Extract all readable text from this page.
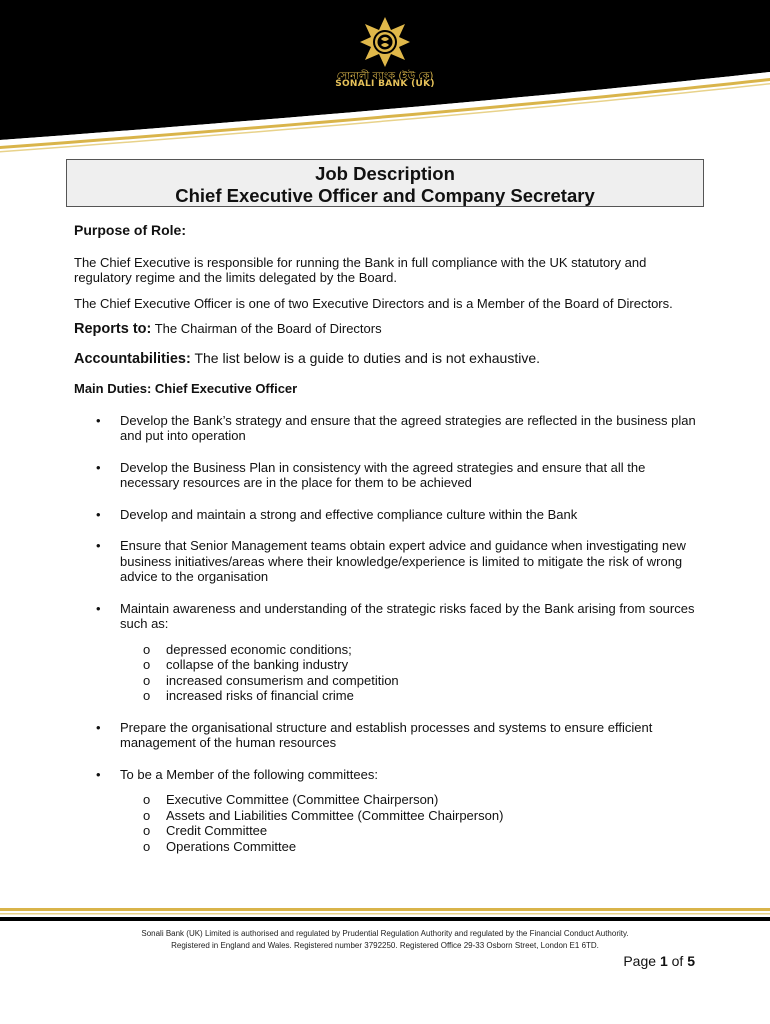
সোনালী ব্যাংক (ইউ কে)
SONALI BANK (UK)
Job Description
Chief Executive Officer and Company Secretary
Purpose of Role:

The Chief Executive is responsible for running the Bank in full compliance with the UK statutory and regulatory regime and the limits delegated by the Board.

The Chief Executive Officer is one of two Executive Directors and is a Member of the Board of Directors.

Reports to: The Chairman of the Board of Directors
Accountabilities: The list below is a guide to duties and is not exhaustive.
Main Duties: Chief Executive Officer
• Develop the Bank’s strategy and ensure that the agreed strategies are reflected in the business plan and put into operation
• Develop the Business Plan in consistency with the agreed strategies and ensure that all the necessary resources are in the place for them to be achieved
• Develop and maintain a strong and effective compliance culture within the Bank
• Ensure that Senior Management teams obtain expert advice and guidance when investigating new business initiatives/areas where their knowledge/experience is limited to mitigate the risk of wrong advice to the organisation
• Maintain awareness and understanding of the strategic risks faced by the Bank arising from sources such as:
o depressed economic conditions;
o collapse of the banking industry
o increased consumerism and competition
o increased risks of financial crime
• Prepare the organisational structure and establish processes and systems to ensure efficient management of the human resources
• To be a Member of the following committees:
o Executive Committee (Committee Chairperson)
o Assets and Liabilities Committee (Committee Chairperson)
o Credit Committee
o Operations Committee
Sonali Bank (UK) Limited is authorised and regulated by Prudential Regulation Authority and regulated by the Financial Conduct Authority.
Registered in England and Wales. Registered number 3792250. Registered Office 29-33 Osborn Street, London E1 6TD.
Page 1 of 5
